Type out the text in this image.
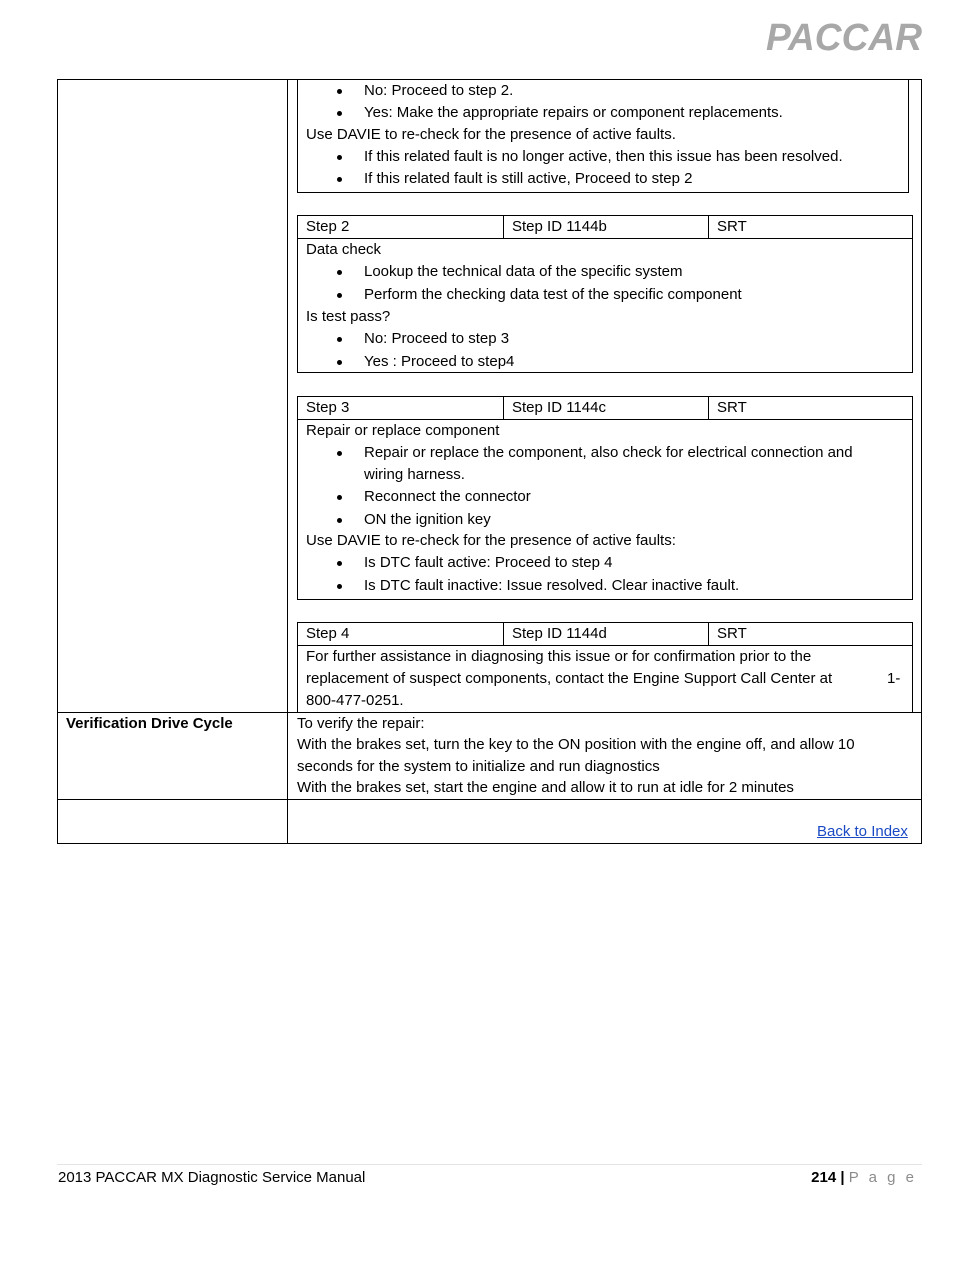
PACCAR
No: Proceed to step 2.
Yes: Make the appropriate repairs or component replacements.
Use DAVIE to re-check for the presence of active faults.
If this related fault is no longer active, then this issue has been resolved.
If this related fault is still active, Proceed to step 2
Step 2	Step ID 1144b	SRT
Data check
Lookup the technical data of the specific system
Perform the checking data test of the specific component
Is test pass?
No: Proceed to step 3
Yes : Proceed to step4
Step 3	Step ID 1144c	SRT
Repair or replace component
Repair or replace the component, also check for electrical connection and
wiring harness.
Reconnect the connector
ON the ignition key
Use DAVIE to re-check for the presence of active faults:
Is DTC fault active: Proceed to step 4
Is DTC fault inactive: Issue resolved. Clear inactive fault.
Step 4	Step ID 1144d	SRT
For further assistance in diagnosing this issue or for confirmation prior to the
replacement of suspect components, contact the Engine Support Call Center at	1-
800-477-0251.
Verification Drive Cycle	To verify the repair:
With the brakes set, turn the key to the ON position with the engine off, and allow 10
seconds for the system to initialize and run diagnostics
With the brakes set, start the engine and allow it to run at idle for 2 minutes
Back to Index
2013 PACCAR MX Diagnostic Service Manual	214 | P a g e
